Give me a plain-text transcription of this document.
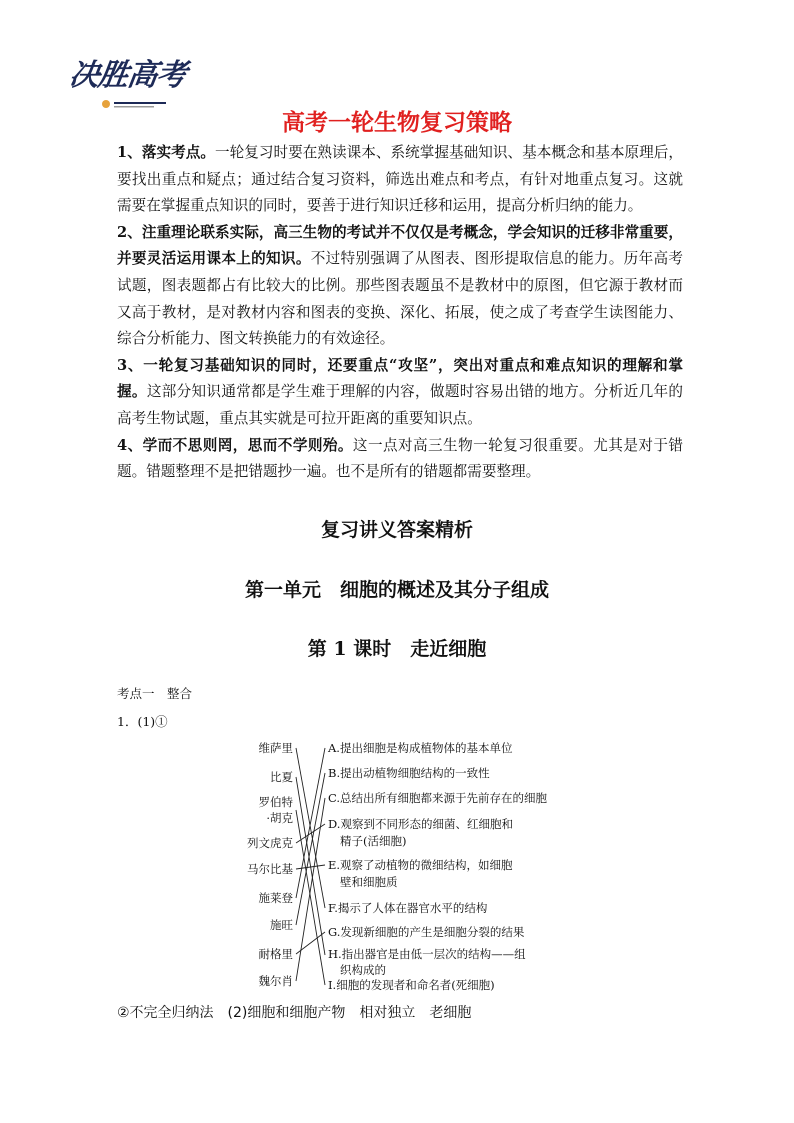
决胜高考
高考一轮生物复习策略

1、落实考点。一轮复习时要在熟读课本、系统掌握基础知识、基本概念和基本原理后，要找出重点和疑点；通过结合复习资料，筛选出难点和考点，有针对地重点复习。这就需要在掌握重点知识的同时，要善于进行知识迁移和运用，提高分析归纳的能力。

2、注重理论联系实际，高三生物的考试并不仅仅是考概念，学会知识的迁移非常重要，并要灵活运用课本上的知识。不过特别强调了从图表、图形提取信息的能力。历年高考试题，图表题都占有比较大的比例。那些图表题虽不是教材中的原图，但它源于教材而又高于教材，是对教材内容和图表的变换、深化、拓展，使之成了考查学生读图能力、综合分析能力、图文转换能力的有效途径。

3、一轮复习基础知识的同时，还要重点“攻坚”，突出对重点和难点知识的理解和掌握。这部分知识通常都是学生难于理解的内容，做题时容易出错的地方。分析近几年的高考生物试题，重点其实就是可拉开距离的重要知识点。

4、学而不思则罔，思而不学则殆。这一点对高三生物一轮复习很重要。尤其是对于错题。错题整理不是把错题抄一遍。也不是所有的错题都需要整理。

复习讲义答案精析
第一单元　细胞的概述及其分子组成
第 1 课时　走近细胞
考点一　整合
1．(1)①
维萨里
比夏
罗伯特
·胡克
列文虎克
马尔比基
施莱登
施旺
耐格里
魏尔肖
A.提出细胞是构成植物体的基本单位
B.提出动植物细胞结构的一致性
C.总结出所有细胞都来源于先前存在的细胞
D.观察到不同形态的细菌、红细胞和
精子(活细胞)
E.观察了动植物的微细结构，如细胞
壁和细胞质
F.揭示了人体在器官水平的结构
G.发现新细胞的产生是细胞分裂的结果
H.指出器官是由低一层次的结构——组
织构成的
I.细胞的发现者和命名者(死细胞)
②不完全归纳法　(2)细胞和细胞产物　相对独立　老细胞
